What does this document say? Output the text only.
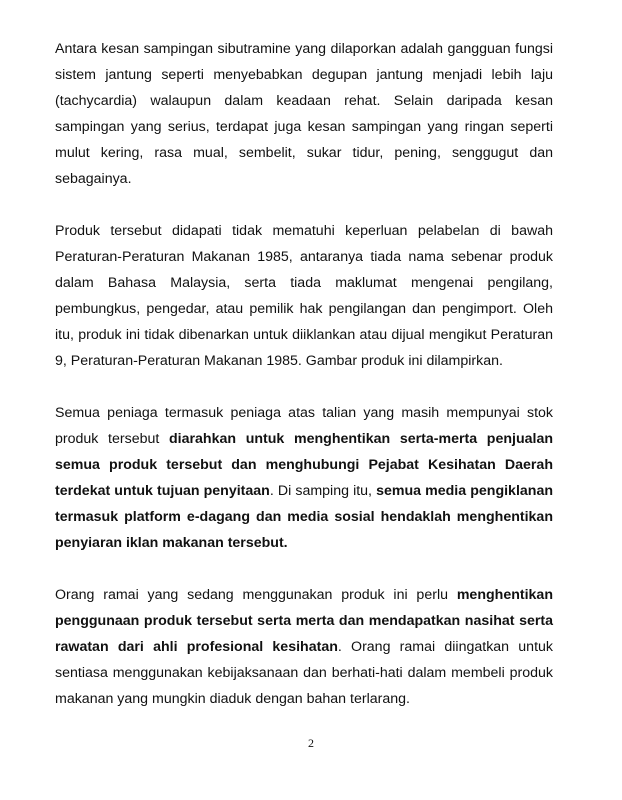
Antara kesan sampingan sibutramine yang dilaporkan adalah gangguan fungsi sistem jantung seperti menyebabkan degupan jantung menjadi lebih laju (tachycardia) walaupun dalam keadaan rehat. Selain daripada kesan sampingan yang serius, terdapat juga kesan sampingan yang ringan seperti mulut kering, rasa mual, sembelit, sukar tidur, pening, senggugut dan sebagainya.

Produk tersebut didapati tidak mematuhi keperluan pelabelan di bawah Peraturan-Peraturan Makanan 1985, antaranya tiada nama sebenar produk dalam Bahasa Malaysia, serta tiada maklumat mengenai pengilang, pembungkus, pengedar, atau pemilik hak pengilangan dan pengimport. Oleh itu, produk ini tidak dibenarkan untuk diiklankan atau dijual mengikut Peraturan 9, Peraturan-Peraturan Makanan 1985. Gambar produk ini dilampirkan.

Semua peniaga termasuk peniaga atas talian yang masih mempunyai stok produk tersebut diarahkan untuk menghentikan serta-merta penjualan semua produk tersebut dan menghubungi Pejabat Kesihatan Daerah terdekat untuk tujuan penyitaan. Di samping itu, semua media pengiklanan termasuk platform e-dagang dan media sosial hendaklah menghentikan penyiaran iklan makanan tersebut.

Orang ramai yang sedang menggunakan produk ini perlu menghentikan penggunaan produk tersebut serta merta dan mendapatkan nasihat serta rawatan dari ahli profesional kesihatan. Orang ramai diingatkan untuk sentiasa menggunakan kebijaksanaan dan berhati-hati dalam membeli produk makanan yang mungkin diaduk dengan bahan terlarang.

2
